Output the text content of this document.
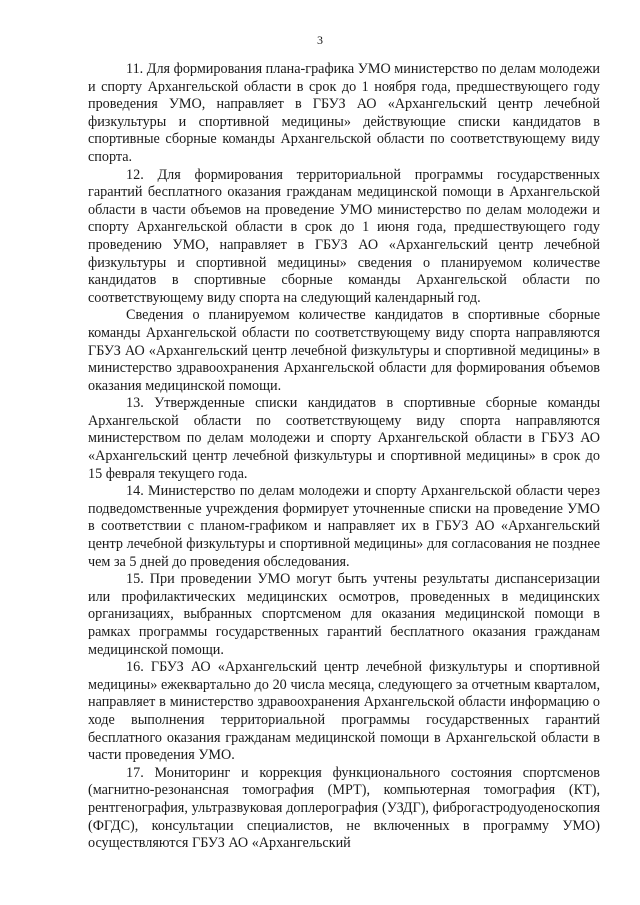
3

11. Для формирования плана-графика УМО министерство по делам молодежи и спорту Архангельской области в срок до 1 ноября года, предшествующего году проведения УМО, направляет в ГБУЗ АО «Архангельский центр лечебной физкультуры и спортивной медицины» действующие списки кандидатов в спортивные сборные команды Архангельской области по соответствующему виду спорта.

12. Для формирования территориальной программы государственных гарантий бесплатного оказания гражданам медицинской помощи в Архангельской области в части объемов на проведение УМО министерство по делам молодежи и спорту Архангельской области в срок до 1 июня года, предшествующего году проведению УМО, направляет в ГБУЗ АО «Архангельский центр лечебной физкультуры и спортивной медицины» сведения о планируемом количестве кандидатов в спортивные сборные команды Архангельской области по соответствующему виду спорта на следующий календарный год.

Сведения о планируемом количестве кандидатов в спортивные сборные команды Архангельской области по соответствующему виду спорта направляются ГБУЗ АО «Архангельский центр лечебной физкультуры и спортивной медицины» в министерство здравоохранения Архангельской области для формирования объемов оказания медицинской помощи.

13. Утвержденные списки кандидатов в спортивные сборные команды Архангельской области по соответствующему виду спорта направляются министерством по делам молодежи и спорту Архангельской области в ГБУЗ АО «Архангельский центр лечебной физкультуры и спортивной медицины» в срок до 15 февраля текущего года.

14. Министерство по делам молодежи и спорту Архангельской области через подведомственные учреждения формирует уточненные списки на проведение УМО в соответствии с планом-графиком и направляет их в ГБУЗ АО «Архангельский центр лечебной физкультуры и спортивной медицины» для согласования не позднее чем за 5 дней до проведения обследования.

15. При проведении УМО могут быть учтены результаты диспансеризации или профилактических медицинских осмотров, проведенных в медицинских организациях, выбранных спортсменом для оказания медицинской помощи в рамках программы государственных гарантий бесплатного оказания гражданам медицинской помощи.

16. ГБУЗ АО «Архангельский центр лечебной физкультуры и спортивной медицины» ежеквартально до 20 числа месяца, следующего за отчетным кварталом, направляет в министерство здравоохранения Архангельской области информацию о ходе выполнения территориальной программы государственных гарантий бесплатного оказания гражданам медицинской помощи в Архангельской области в части проведения УМО.

17. Мониторинг и коррекция функционального состояния спортсменов (магнитно-резонансная томография (МРТ), компьютерная томография (КТ), рентгенография, ультразвуковая доплерография (УЗДГ), фиброгастродуоденоскопия (ФГДС), консультации специалистов, не включенных в программу УМО) осуществляются ГБУЗ АО «Архангельский
